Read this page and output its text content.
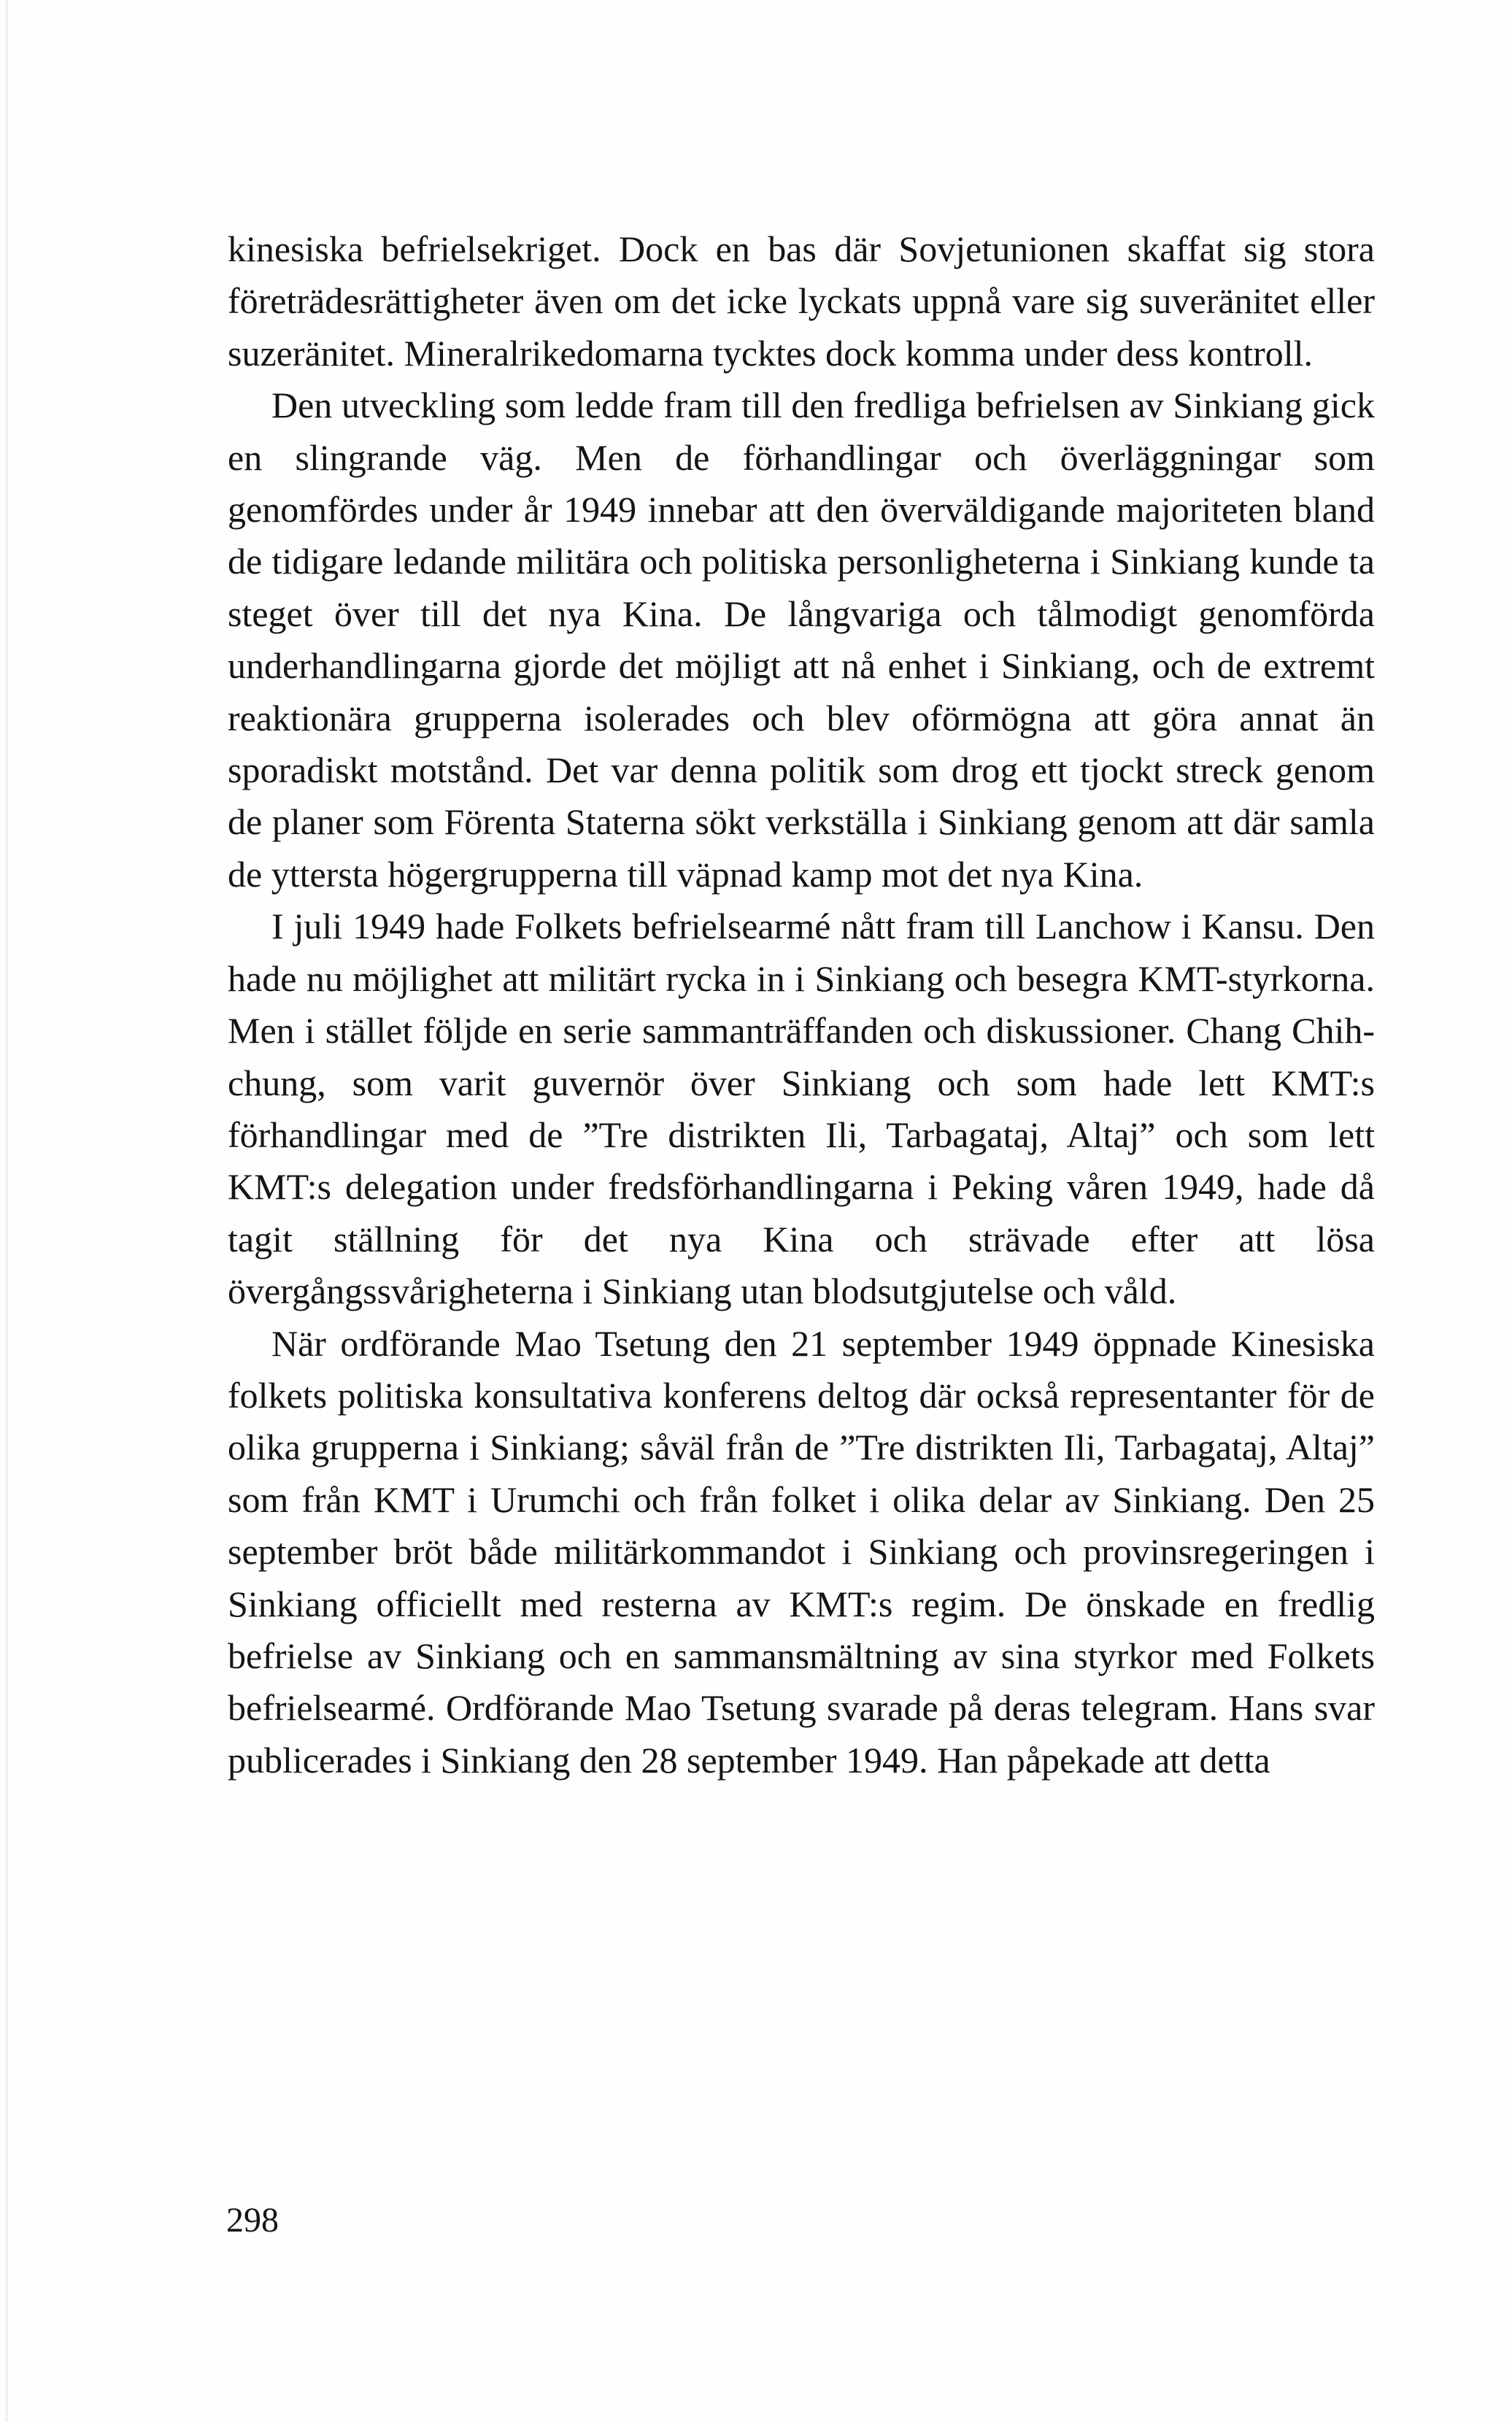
kinesiska befrielsekriget. Dock en bas där Sovjetunionen skaffat sig stora företrädesrättigheter även om det icke lyckats uppnå vare sig suveränitet eller suzeränitet. Mineralrikedomarna tycktes dock komma under dess kontroll.

Den utveckling som ledde fram till den fredliga befrielsen av Sinkiang gick en slingrande väg. Men de förhandlingar och överläggningar som genomfördes under år 1949 innebar att den överväldigande majoriteten bland de tidigare ledande militära och politiska personligheterna i Sinkiang kunde ta steget över till det nya Kina. De långvariga och tålmodigt genomförda underhandlingarna gjorde det möjligt att nå enhet i Sinkiang, och de extremt reaktionära grupperna isolerades och blev oförmögna att göra annat än sporadiskt motstånd. Det var denna politik som drog ett tjockt streck genom de planer som Förenta Staterna sökt verkställa i Sinkiang genom att där samla de yttersta högergrupperna till väpnad kamp mot det nya Kina.

I juli 1949 hade Folkets befrielsearmé nått fram till Lanchow i Kansu. Den hade nu möjlighet att militärt rycka in i Sinkiang och besegra KMT-styrkorna. Men i stället följde en serie sammanträffanden och diskussioner. Chang Chih-chung, som varit guvernör över Sinkiang och som hade lett KMT:s förhandlingar med de ”Tre distrikten Ili, Tarbagataj, Altaj” och som lett KMT:s delegation under fredsförhandlingarna i Peking våren 1949, hade då tagit ställning för det nya Kina och strävade efter att lösa övergångssvårigheterna i Sinkiang utan blodsutgjutelse och våld.

När ordförande Mao Tsetung den 21 september 1949 öppnade Kinesiska folkets politiska konsultativa konferens deltog där också representanter för de olika grupperna i Sinkiang; såväl från de ”Tre distrikten Ili, Tarbagataj, Altaj” som från KMT i Urumchi och från folket i olika delar av Sinkiang. Den 25 september bröt både militärkommandot i Sinkiang och provinsregeringen i Sinkiang officiellt med resterna av KMT:s regim. De önskade en fredlig befrielse av Sinkiang och en sammansmältning av sina styrkor med Folkets befrielsearmé. Ordförande Mao Tsetung svarade på deras telegram. Hans svar publicerades i Sinkiang den 28 september 1949. Han påpekade att detta

298
